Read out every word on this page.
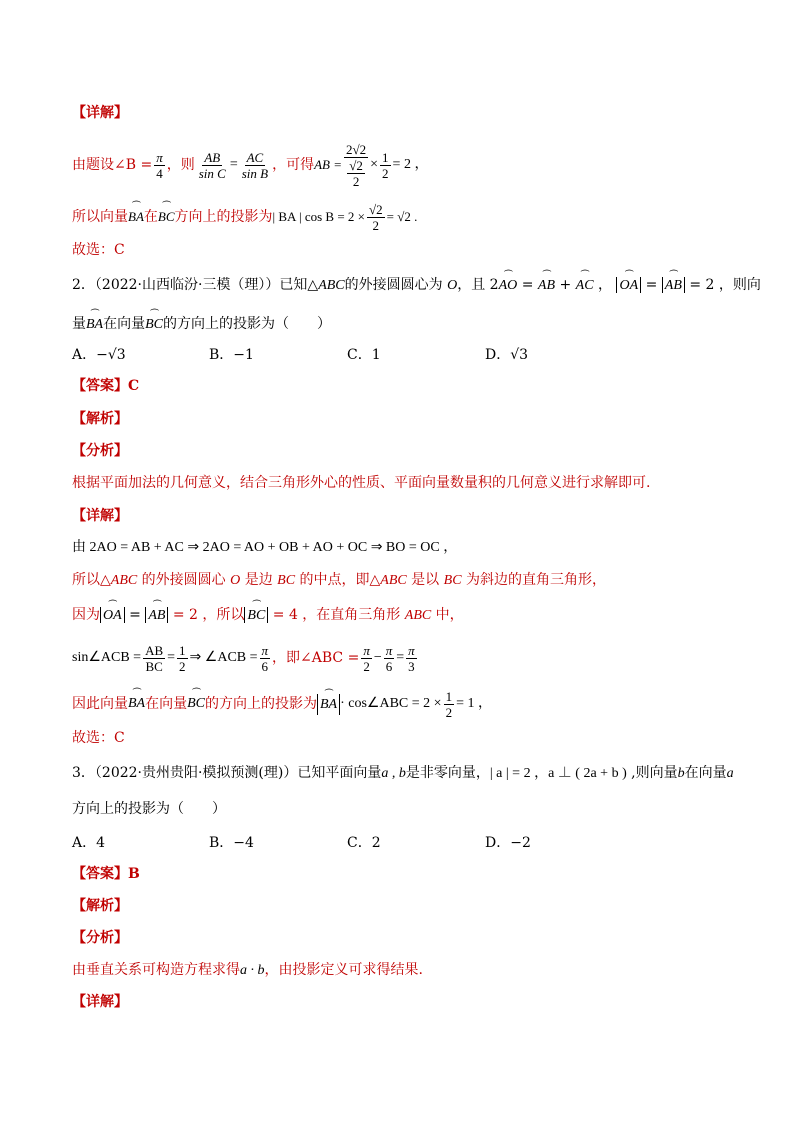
【详解】
由题设∠B = $\frac{\pi}{4}$ ，则 $\frac{AB}{\text{sin C}} = \frac{AC}{\text{sin B}}$ ，可得 AB = $\frac{2√2}{\frac{√2}{2}} \times \frac{1}{2} = 2$ ，
所以向量 ⏜ BA 在 ⏜ BC 方向上的投影为 | BA | $\cos B = 2 \times \frac{√2}{2} = √2$ .
故选：C
2．（2022·山西临汾·三模（理））已知△ABC的外接圆圆心为 O，且 2⏜ AO = ⏜ AB + ⏜ AC ， ⏜ OA = ⏜ AB = 2 ，则向
量⏜ BA在向量⏜ BC的方向上的投影为（　　）
A．−√3	B．−1	C．1	D．√3
【答案】C
【解析】
【分析】
根据平面加法的几何意义，结合三角形外心的性质、平面向量数量积的几何意义进行求解即可.
【详解】
由 2AO = AB + AC ⇒ 2AO = AO + OB + AO + OC ⇒ BO = OC ，
所以△ABC 的外接圆圆心 O 是边 BC 的中点，即△ABC 是以 BC 为斜边的直角三角形，
因为 ⏜ OA = ⏜ AB = 2 ，所以 ⏜ BC = 4 ，在直角三角形 ABC 中，
sin∠ACB = $\frac{AB}{BC} = \frac{1}{2}$ ⇒ ∠ACB = $\frac{\pi}{6}$ ，即∠ABC = $\frac{\pi}{2} - \frac{\pi}{6} = \frac{\pi}{3}$
因此向量 ⏜ BA 在向量 ⏜ BC 的方向上的投影为 ⏜ BA · cos∠ABC = $2 \times \frac{1}{2} = 1$ ，
故选：C
3．（2022·贵州贵阳·模拟预测(理)）已知平面向量a , b是非零向量，| a | = 2 ，a ⊥ ( 2a + b ) ,则向量b在向量a
方向上的投影为（　　）
A．4	B．−4	C．2	D．−2
【答案】B
【解析】
【分析】
由垂直关系可构造方程求得a · b，由投影定义可求得结果.
【详解】
